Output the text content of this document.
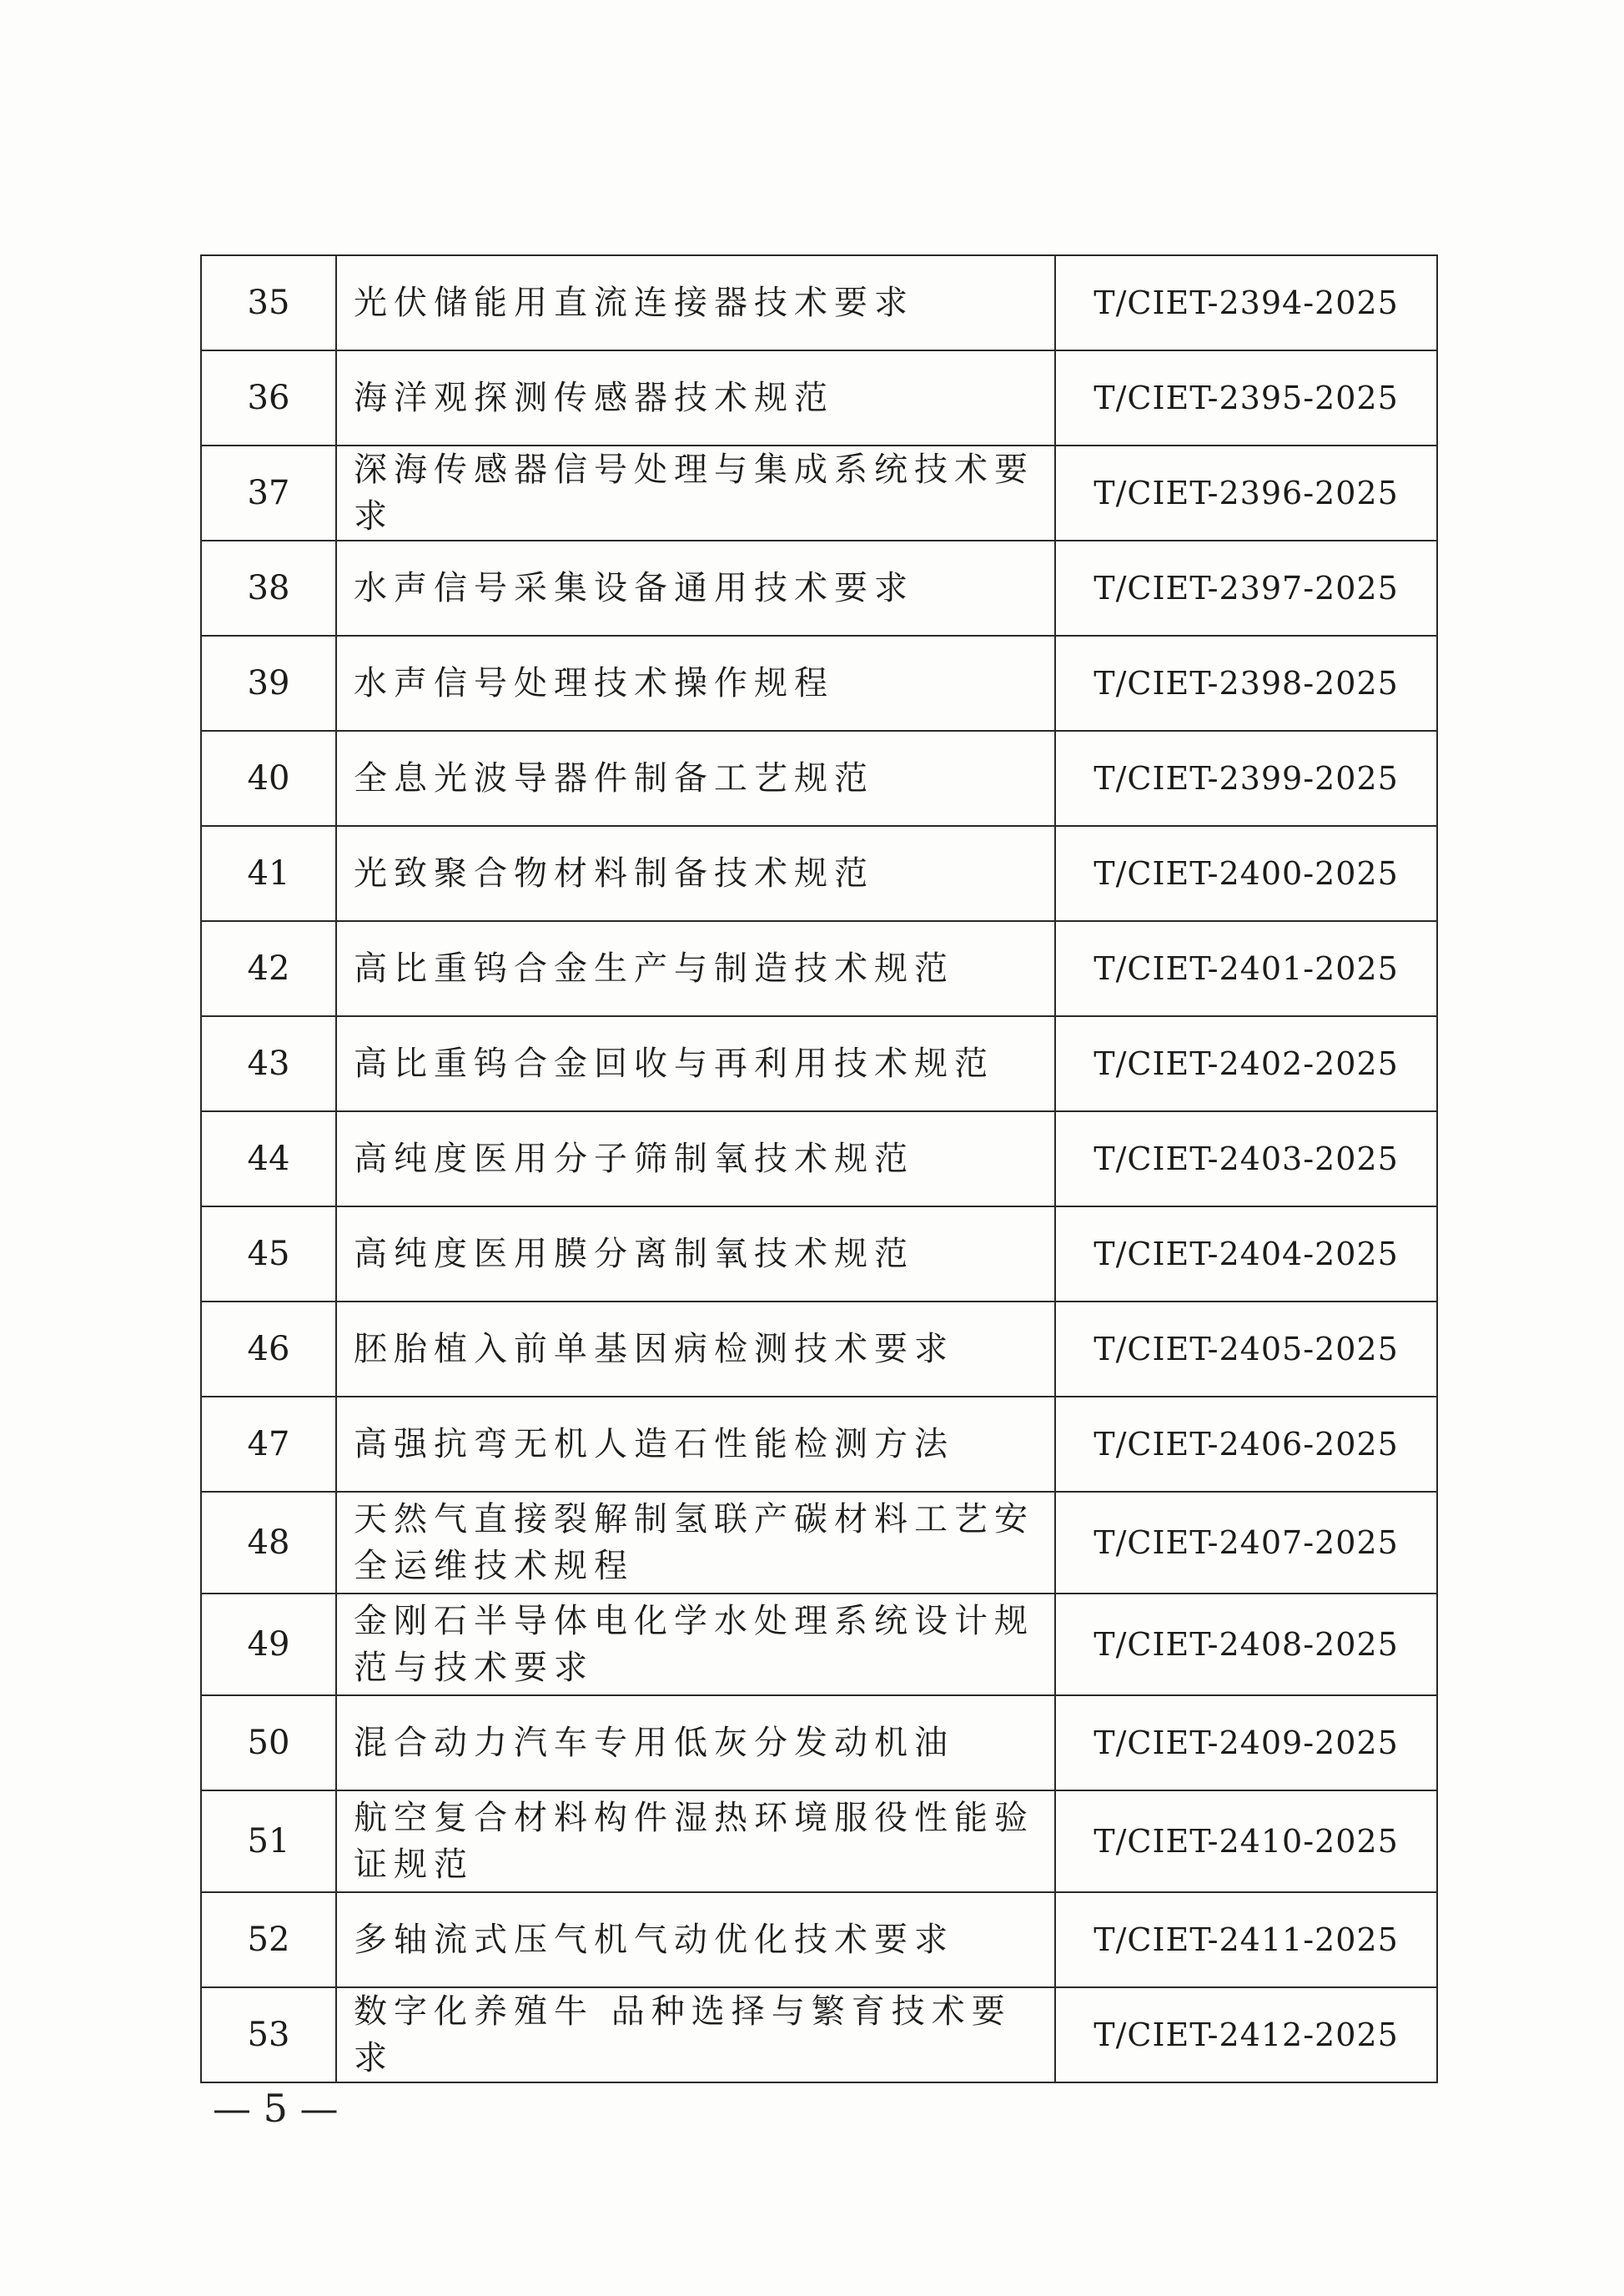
35	光伏储能用直流连接器技术要求	T/CIET-2394-2025
36	海洋观探测传感器技术规范	T/CIET-2395-2025
37	深海传感器信号处理与集成系统技术要求	T/CIET-2396-2025
38	水声信号采集设备通用技术要求	T/CIET-2397-2025
39	水声信号处理技术操作规程	T/CIET-2398-2025
40	全息光波导器件制备工艺规范	T/CIET-2399-2025
41	光致聚合物材料制备技术规范	T/CIET-2400-2025
42	高比重钨合金生产与制造技术规范	T/CIET-2401-2025
43	高比重钨合金回收与再利用技术规范	T/CIET-2402-2025
44	高纯度医用分子筛制氧技术规范	T/CIET-2403-2025
45	高纯度医用膜分离制氧技术规范	T/CIET-2404-2025
46	胚胎植入前单基因病检测技术要求	T/CIET-2405-2025
47	高强抗弯无机人造石性能检测方法	T/CIET-2406-2025
48	天然气直接裂解制氢联产碳材料工艺安全运维技术规程	T/CIET-2407-2025
49	金刚石半导体电化学水处理系统设计规范与技术要求	T/CIET-2408-2025
50	混合动力汽车专用低灰分发动机油	T/CIET-2409-2025
51	航空复合材料构件湿热环境服役性能验证规范	T/CIET-2410-2025
52	多轴流式压气机气动优化技术要求	T/CIET-2411-2025
53	数字化养殖牛 品种选择与繁育技术要求	T/CIET-2412-2025
— 5 —
